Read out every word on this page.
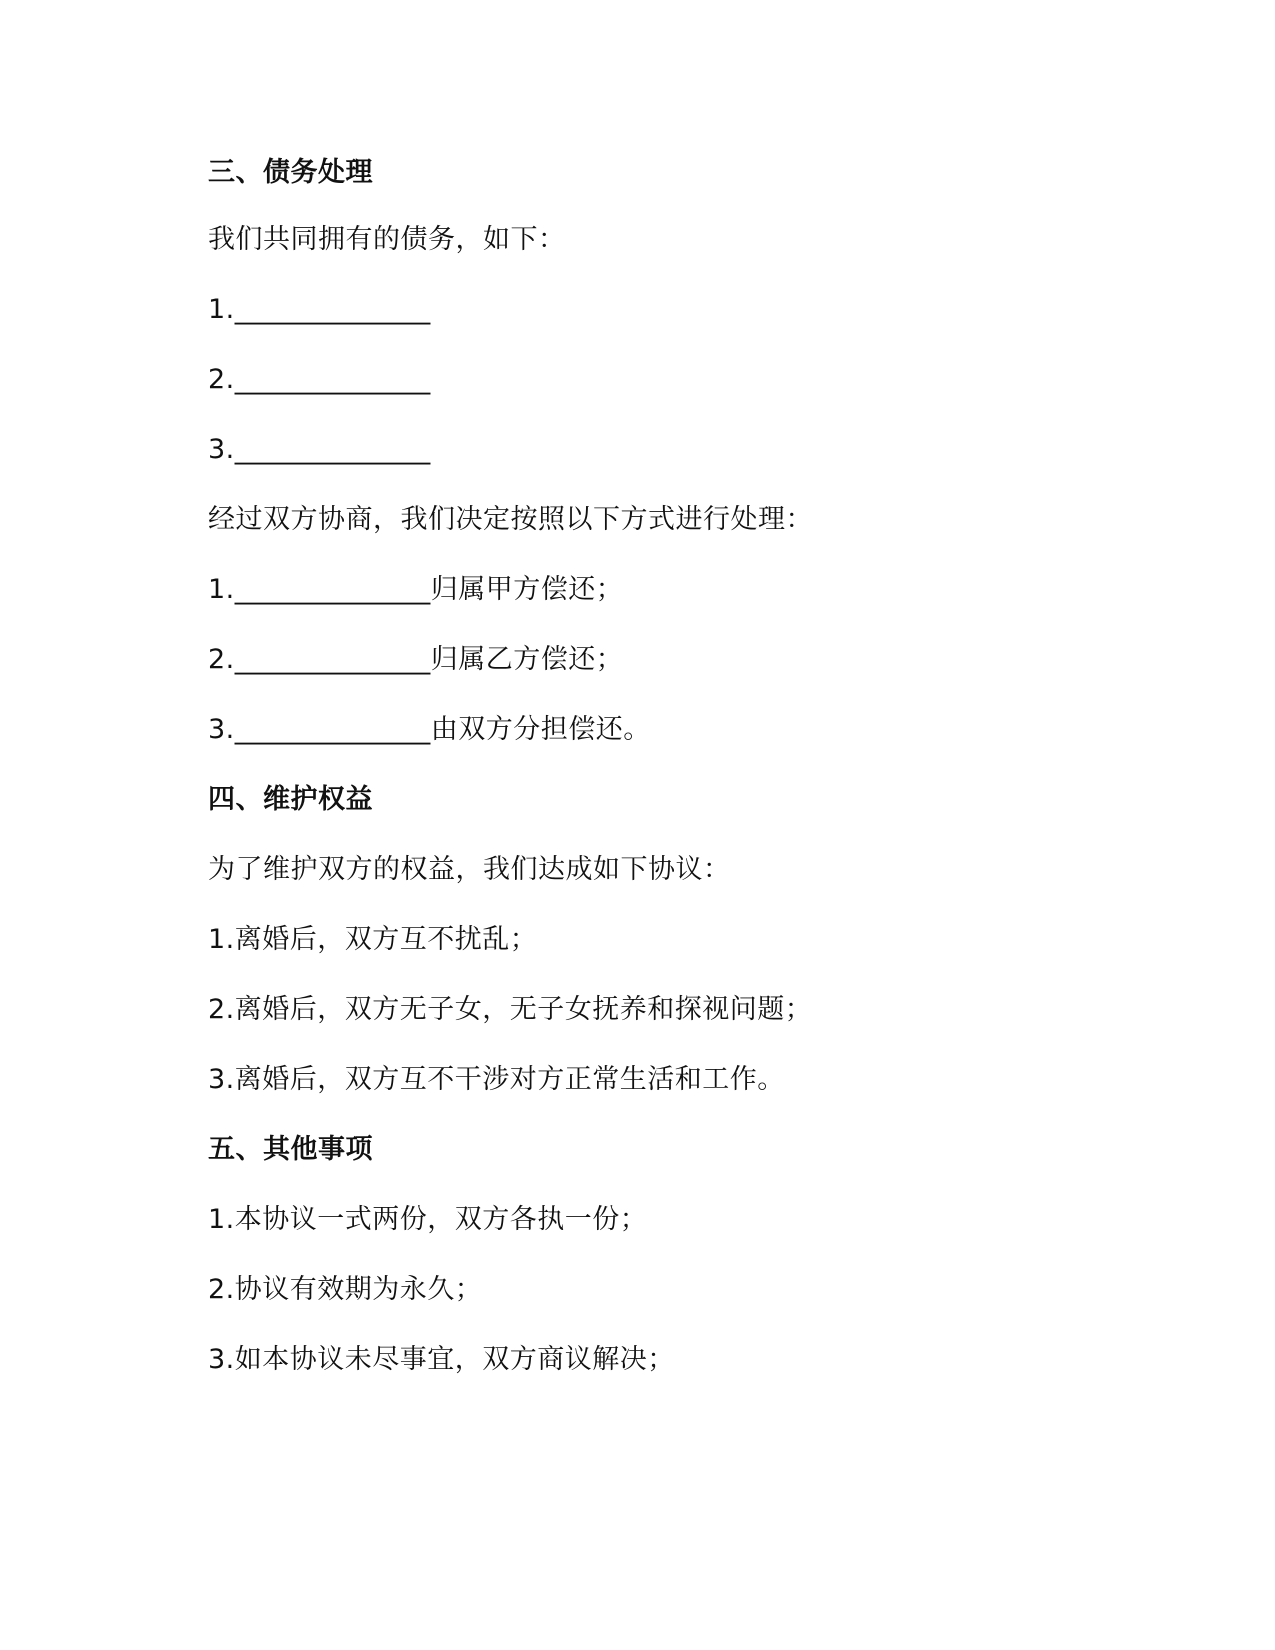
三、债务处理
我们共同拥有的债务，如下：
1.______________
2.______________
3.______________
经过双方协商，我们决定按照以下方式进行处理：
1.______________归属甲方偿还；
2.______________归属乙方偿还；
3.______________由双方分担偿还。
四、维护权益
为了维护双方的权益，我们达成如下协议：
1.离婚后，双方互不扰乱；
2.离婚后，双方无子女，无子女抚养和探视问题；
3.离婚后，双方互不干涉对方正常生活和工作。
五、其他事项
1.本协议一式两份，双方各执一份；
2.协议有效期为永久；
3.如本协议未尽事宜，双方商议解决；
